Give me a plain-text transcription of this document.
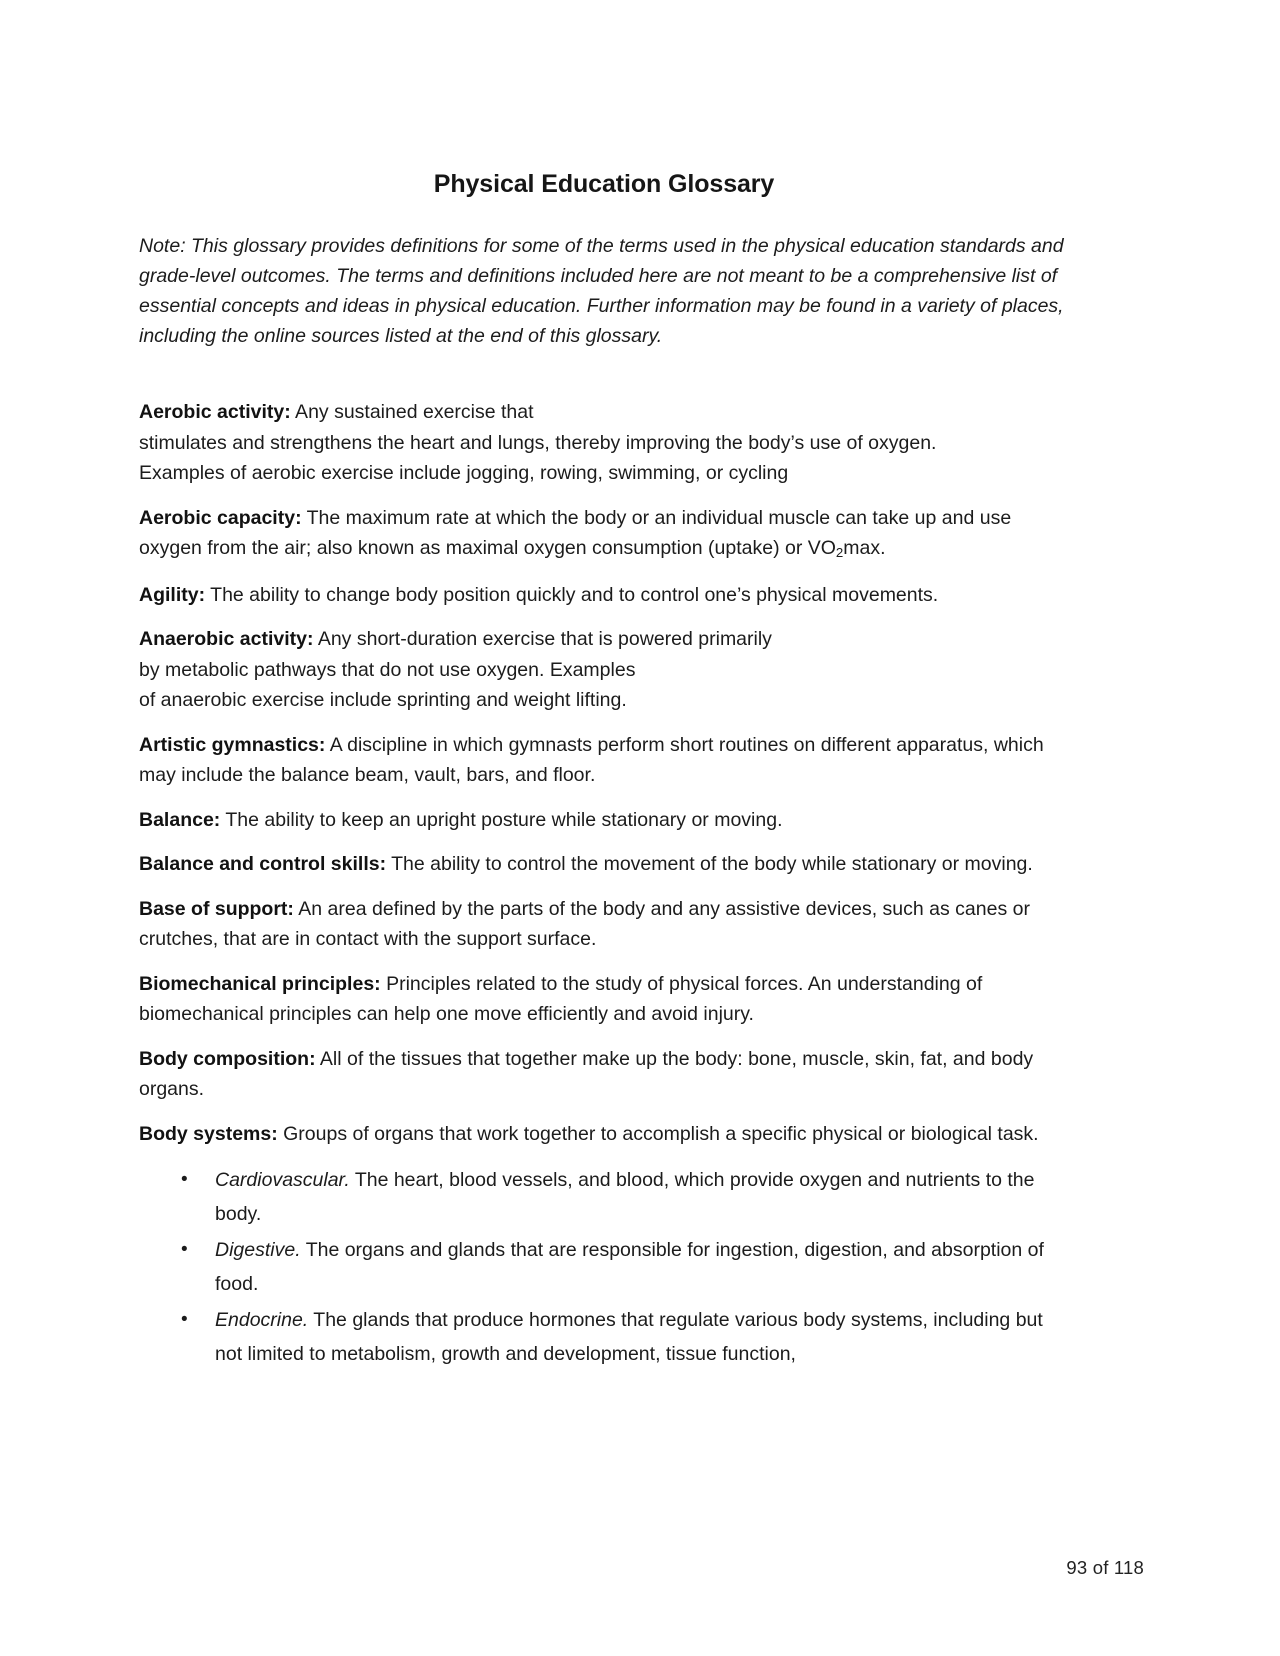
Physical Education Glossary

Note: This glossary provides definitions for some of the terms used in the physical education standards and grade-level outcomes. The terms and definitions included here are not meant to be a comprehensive list of essential concepts and ideas in physical education. Further information may be found in a variety of places, including the online sources listed at the end of this glossary.

Aerobic activity: Any sustained exercise that
stimulates and strengthens the heart and lungs, thereby improving the body’s use of oxygen.
Examples of aerobic exercise include jogging, rowing, swimming, or cycling

Aerobic capacity: The maximum rate at which the body or an individual muscle can take up and use oxygen from the air; also known as maximal oxygen consumption (uptake) or $VO_2\max$.

Agility: The ability to change body position quickly and to control one’s physical movements.

Anaerobic activity: Any short-duration exercise that is powered primarily
by metabolic pathways that do not use oxygen. Examples
of anaerobic exercise include sprinting and weight lifting.

Artistic gymnastics: A discipline in which gymnasts perform short routines on different apparatus, which may include the balance beam, vault, bars, and floor.

Balance: The ability to keep an upright posture while stationary or moving.

Balance and control skills: The ability to control the movement of the body while stationary or moving.

Base of support: An area defined by the parts of the body and any assistive devices, such as canes or crutches, that are in contact with the support surface.

Biomechanical principles: Principles related to the study of physical forces. An understanding of biomechanical principles can help one move efficiently and avoid injury.

Body composition: All of the tissues that together make up the body: bone, muscle, skin, fat, and body organs.

Body systems: Groups of organs that work together to accomplish a specific physical or biological task.

• Cardiovascular. The heart, blood vessels, and blood, which provide oxygen and nutrients to the body.
• Digestive. The organs and glands that are responsible for ingestion, digestion, and absorption of food.
• Endocrine. The glands that produce hormones that regulate various body systems, including but not limited to metabolism, growth and development, tissue function,
93 of 118
